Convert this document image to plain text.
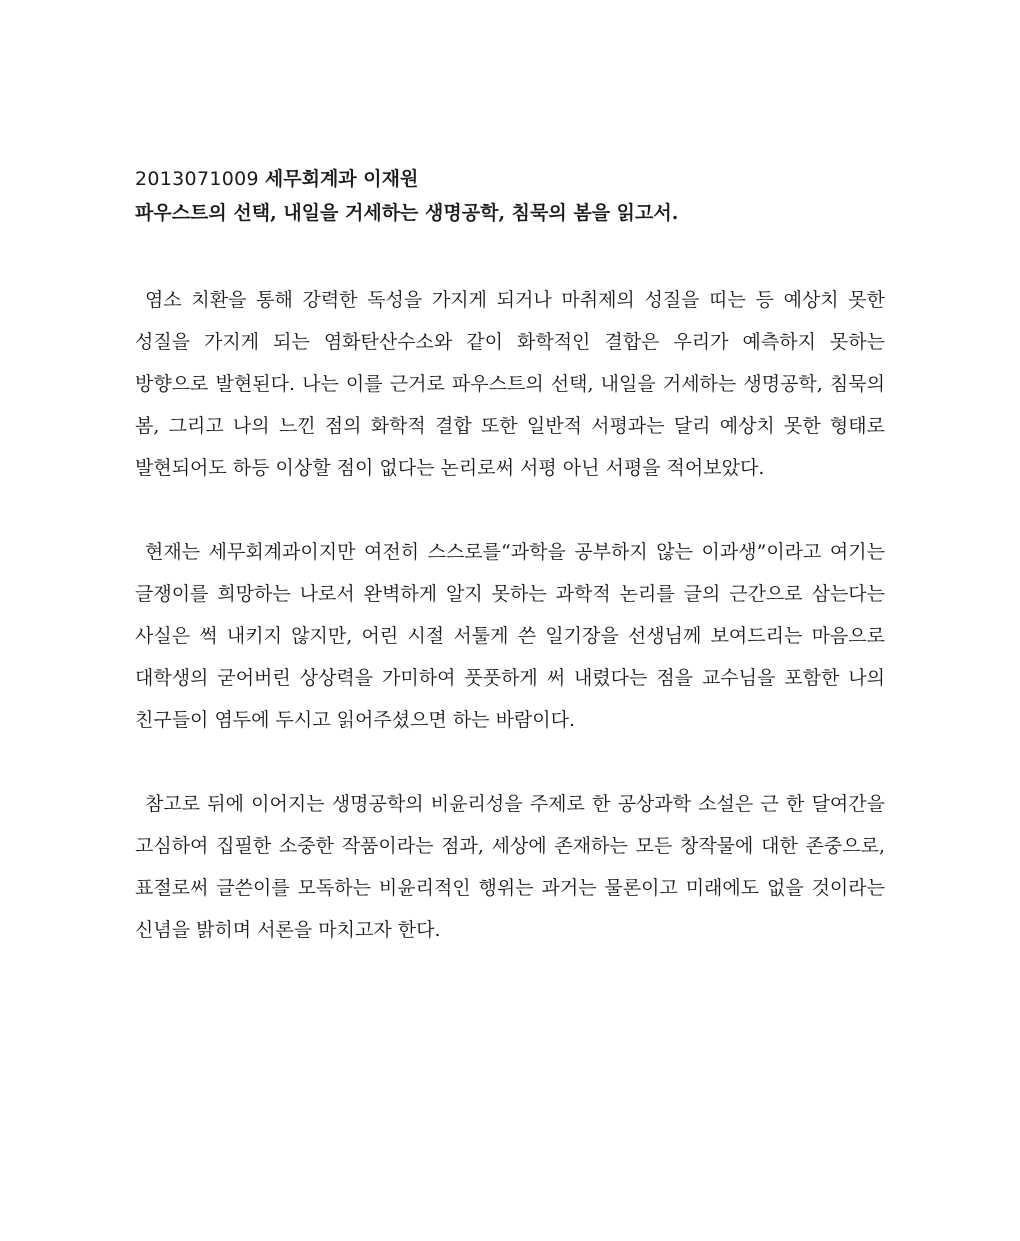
2013071009 세무회계과 이재원

파우스트의 선택, 내일을 거세하는 생명공학, 침묵의 봄을 읽고서.

염소 치환을 통해 강력한 독성을 가지게 되거나 마취제의 성질을 띠는 등 예상치 못한 성질을 가지게 되는 염화탄산수소와 같이 화학적인 결합은 우리가 예측하지 못하는 방향으로 발현된다. 나는 이를 근거로 파우스트의 선택, 내일을 거세하는 생명공학, 침묵의 봄, 그리고 나의 느낀 점의 화학적 결합 또한 일반적 서평과는 달리 예상치 못한 형태로 발현되어도 하등 이상할 점이 없다는 논리로써 서평 아닌 서평을 적어보았다.

현재는 세무회계과이지만 여전히 스스로를“과학을 공부하지 않는 이과생”이라고 여기는 글쟁이를 희망하는 나로서 완벽하게 알지 못하는 과학적 논리를 글의 근간으로 삼는다는 사실은 썩 내키지 않지만, 어린 시절 서툴게 쓴 일기장을 선생님께 보여드리는 마음으로 대학생의 굳어버린 상상력을 가미하여 풋풋하게 써 내렸다는 점을 교수님을 포함한 나의 친구들이 염두에 두시고 읽어주셨으면 하는 바람이다.

참고로 뒤에 이어지는 생명공학의 비윤리성을 주제로 한 공상과학 소설은 근 한 달여간을 고심하여 집필한 소중한 작품이라는 점과, 세상에 존재하는 모든 창작물에 대한 존중으로, 표절로써 글쓴이를 모독하는 비윤리적인 행위는 과거는 물론이고 미래에도 없을 것이라는 신념을 밝히며 서론을 마치고자 한다.
